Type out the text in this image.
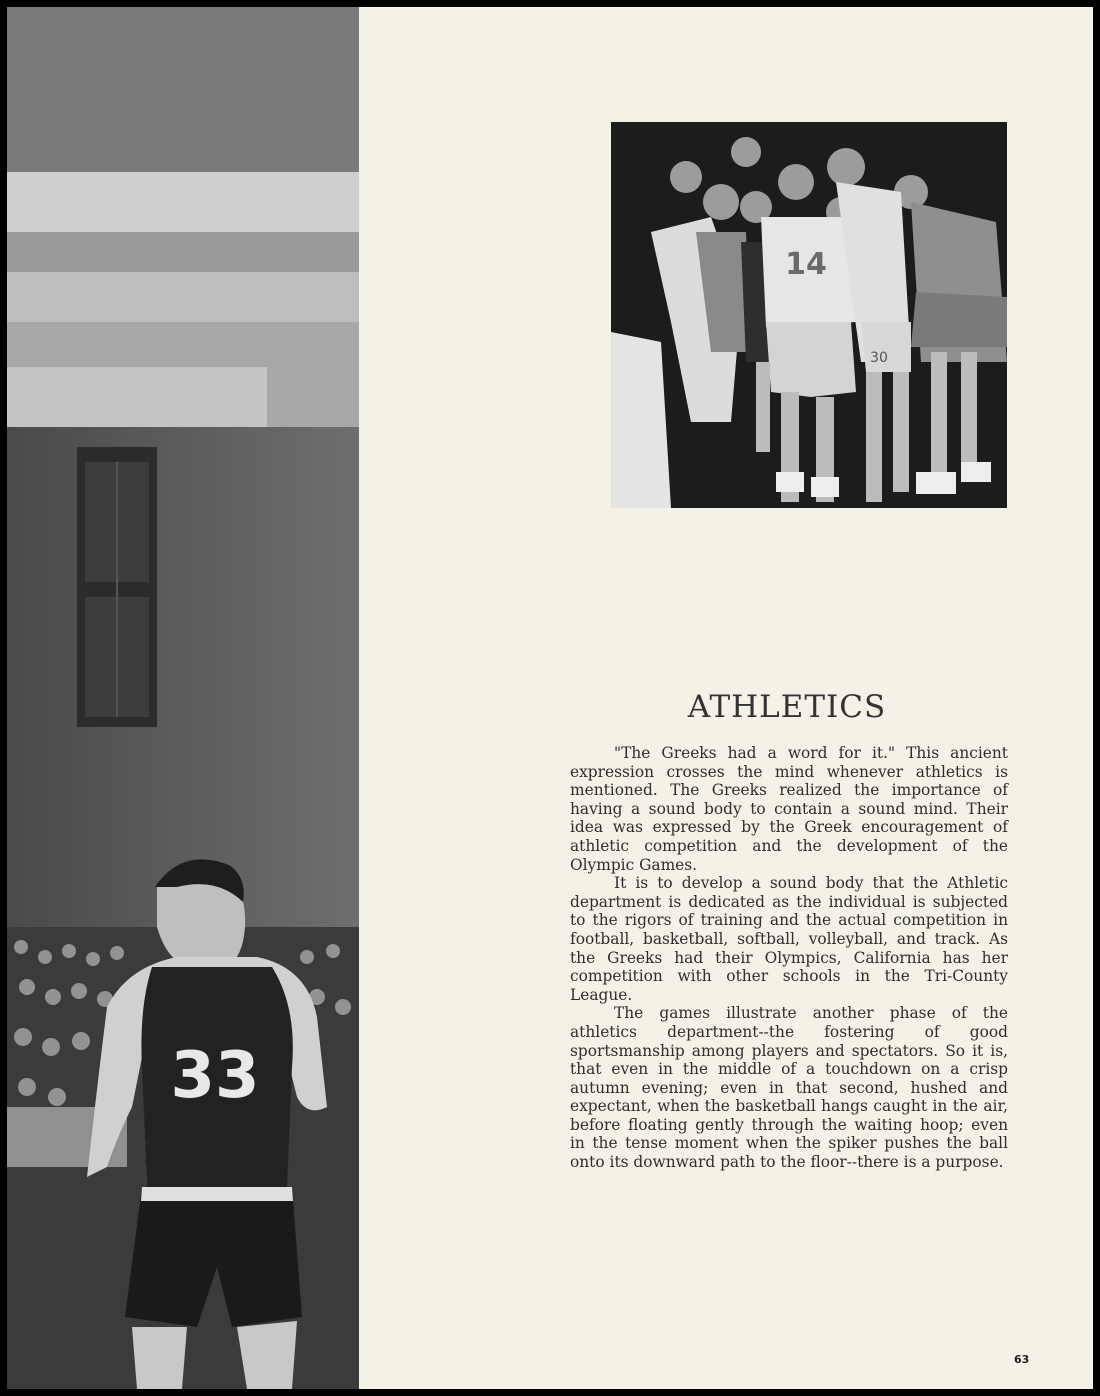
33
14
30
ATHLETICS

"The Greeks had a word for it." This ancient expression crosses the mind whenever athletics is mentioned. The Greeks realized the importance of having a sound body to contain a sound mind. Their idea was expressed by the Greek encouragement of athletic competition and the development of the Olympic Games.

It is to develop a sound body that the Athletic department is dedicated as the individual is subjected to the rigors of training and the actual competition in football, basketball, softball, volleyball, and track. As the Greeks had their Olympics, California has her competition with other schools in the Tri-County League.

The games illustrate another phase of the athletics department--the fostering of good sportsmanship among players and spectators. So it is, that even in the middle of a touchdown on a crisp autumn evening; even in that second, hushed and expectant, when the basketball hangs caught in the air, before floating gently through the waiting hoop; even in the tense moment when the spiker pushes the ball onto its downward path to the floor--there is a purpose.

63
